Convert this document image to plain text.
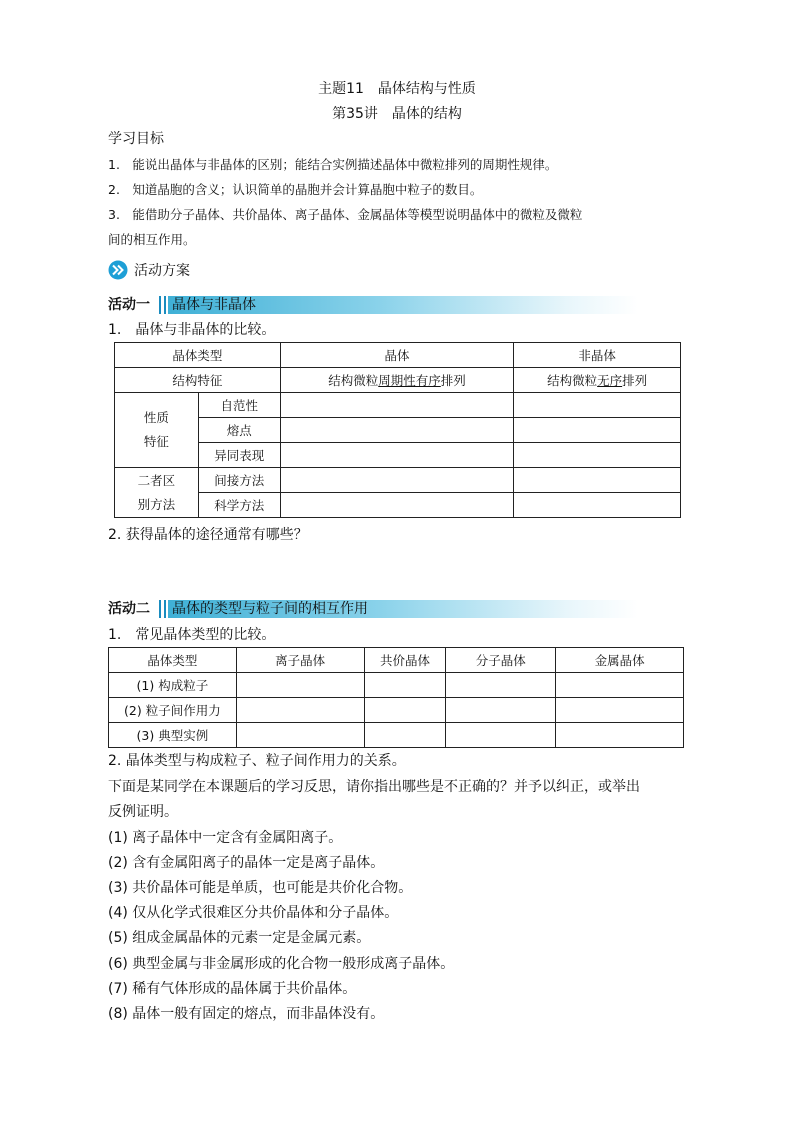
主题11　晶体结构与性质
第35讲　晶体的结构
学习目标
1.　能说出晶体与非晶体的区别；能结合实例描述晶体中微粒排列的周期性规律。
2.　知道晶胞的含义；认识简单的晶胞并会计算晶胞中粒子的数目。
3.　能借助分子晶体、共价晶体、离子晶体、金属晶体等模型说明晶体中的微粒及微粒
间的相互作用。
活动方案
活动一 晶体与非晶体
1.　晶体与非晶体的比较。
晶体类型		晶体	非晶体
结构特征		结构微粒周期性有序排列	结构微粒无序排列

性质
特征	自范性		
	熔点		
	异同表现		

二者区
别方法	间接方法		
	科学方法		
2. 获得晶体的途径通常有哪些？
活动二 晶体的类型与粒子间的相互作用
1.　常见晶体类型的比较。
晶体类型	离子晶体	共价晶体	分子晶体	金属晶体
(1) 构成粒子				
(2) 粒子间作用力				
(3) 典型实例				
2. 晶体类型与构成粒子、粒子间作用力的关系。
下面是某同学在本课题后的学习反思，请你指出哪些是不正确的？并予以纠正，或举出
反例证明。
(1) 离子晶体中一定含有金属阳离子。
(2) 含有金属阳离子的晶体一定是离子晶体。
(3) 共价晶体可能是单质，也可能是共价化合物。
(4) 仅从化学式很难区分共价晶体和分子晶体。
(5) 组成金属晶体的元素一定是金属元素。
(6) 典型金属与非金属形成的化合物一般形成离子晶体。
(7) 稀有气体形成的晶体属于共价晶体。
(8) 晶体一般有固定的熔点，而非晶体没有。
